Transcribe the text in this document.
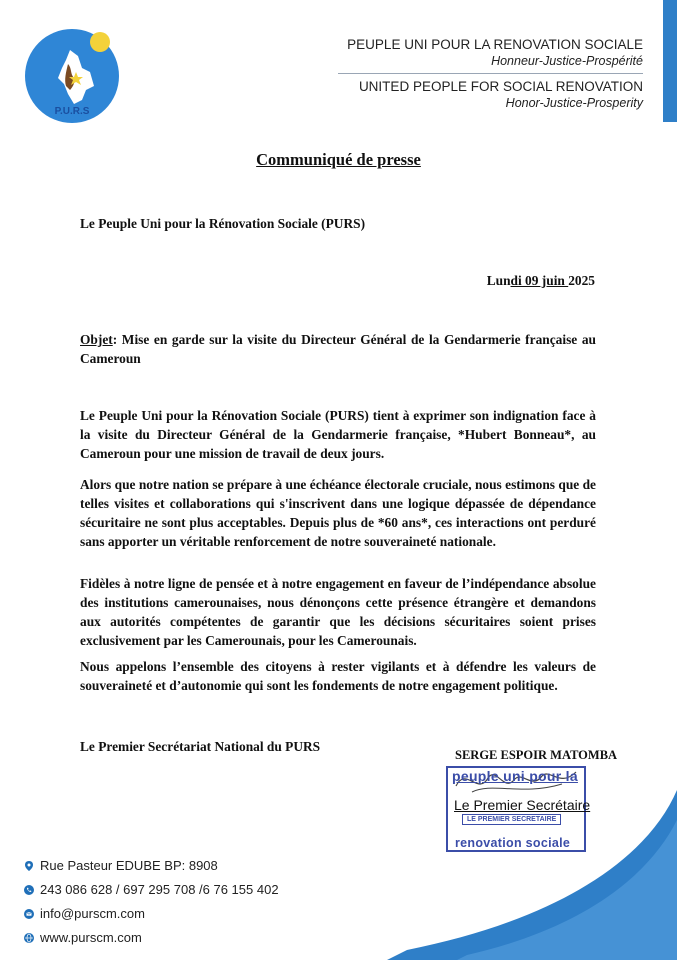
P.U.R.S
PEUPLE UNI POUR LA RENOVATION SOCIALE
Honneur-Justice-Prospérité
UNITED PEOPLE FOR SOCIAL RENOVATION
Honor-Justice-Prosperity
Communiqué de presse
Le Peuple Uni pour la Rénovation Sociale (PURS)
Lundi 09 juin 2025
Objet: Mise en garde sur la visite du Directeur Général de la Gendarmerie française au Cameroun
Le Peuple Uni pour la Rénovation Sociale (PURS) tient à exprimer son indignation face à la visite du Directeur Général de la Gendarmerie française, *Hubert Bonneau*, au Cameroun pour une mission de travail de deux jours.
Alors que notre nation se prépare à une échéance électorale cruciale, nous estimons que de telles visites et collaborations qui s'inscrivent dans une logique dépassée de dépendance sécuritaire ne sont plus acceptables. Depuis plus de *60 ans*, ces interactions ont perduré sans apporter un véritable renforcement de notre souveraineté nationale.
Fidèles à notre ligne de pensée et à notre engagement en faveur de l’indépendance absolue des institutions camerounaises, nous dénonçons cette présence étrangère et demandons aux autorités compétentes de garantir que les décisions sécuritaires soient prises exclusivement par les Camerounais, pour les Camerounais.
Nous appelons l’ensemble des citoyens à rester vigilants et à défendre les valeurs de souveraineté et d’autonomie qui sont les fondements de notre engagement politique.
Le Premier Secrétariat National du PURS
SERGE ESPOIR MATOMBA
peuple uni pour la
Le Premier Secrétaire
LE PREMIER SECRETAIRE
renovation sociale
Rue Pasteur EDUBE BP: 8908
243 086 628 / 697 295 708 /6 76 155 402
info@purscm.com
www.purscm.com
